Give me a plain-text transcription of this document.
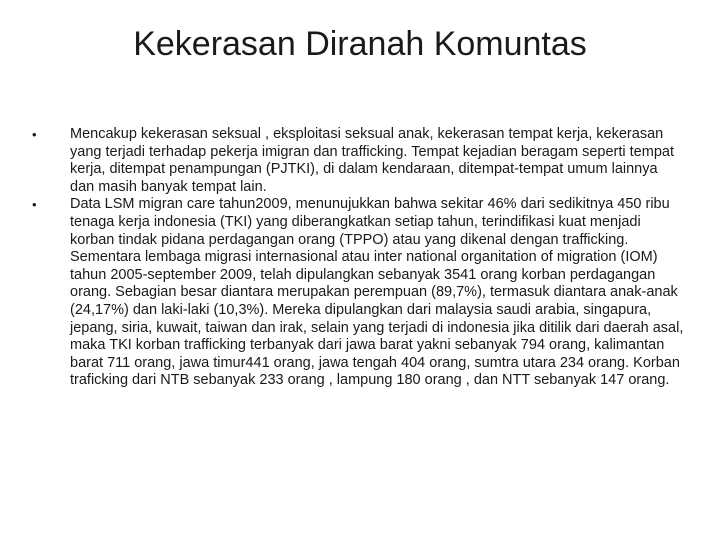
Kekerasan Diranah Komuntas
•	Mencakup kekerasan seksual , eksploitasi seksual anak, kekerasan tempat kerja, kekerasan yang terjadi terhadap pekerja imigran dan trafficking. Tempat kejadian beragam seperti tempat kerja, ditempat penampungan (PJTKI), di dalam kendaraan, ditempat-tempat umum lainnya dan masih banyak tempat lain.
•	Data LSM migran care tahun2009, menunujukkan bahwa sekitar 46% dari sedikitnya 450 ribu tenaga kerja indonesia (TKI) yang diberangkatkan setiap tahun, terindifikasi kuat menjadi korban tindak pidana perdagangan orang (TPPO) atau yang dikenal dengan trafficking. Sementara lembaga migrasi internasional atau inter national organitation of migration (IOM) tahun 2005-september 2009, telah dipulangkan sebanyak 3541 orang korban perdagangan orang. Sebagian besar diantara merupakan perempuan (89,7%), termasuk diantara anak-anak (24,17%) dan laki-laki (10,3%). Mereka dipulangkan dari malaysia saudi arabia, singapura, jepang, siria, kuwait, taiwan dan irak, selain yang terjadi di indonesia jika ditilik dari daerah asal, maka TKI korban trafficking terbanyak dari jawa barat yakni sebanyak 794 orang, kalimantan barat 711 orang, jawa timur441 orang, jawa tengah 404 orang, sumtra utara 234 orang. Korban traficking dari NTB sebanyak 233 orang , lampung 180 orang , dan NTT sebanyak 147 orang.
